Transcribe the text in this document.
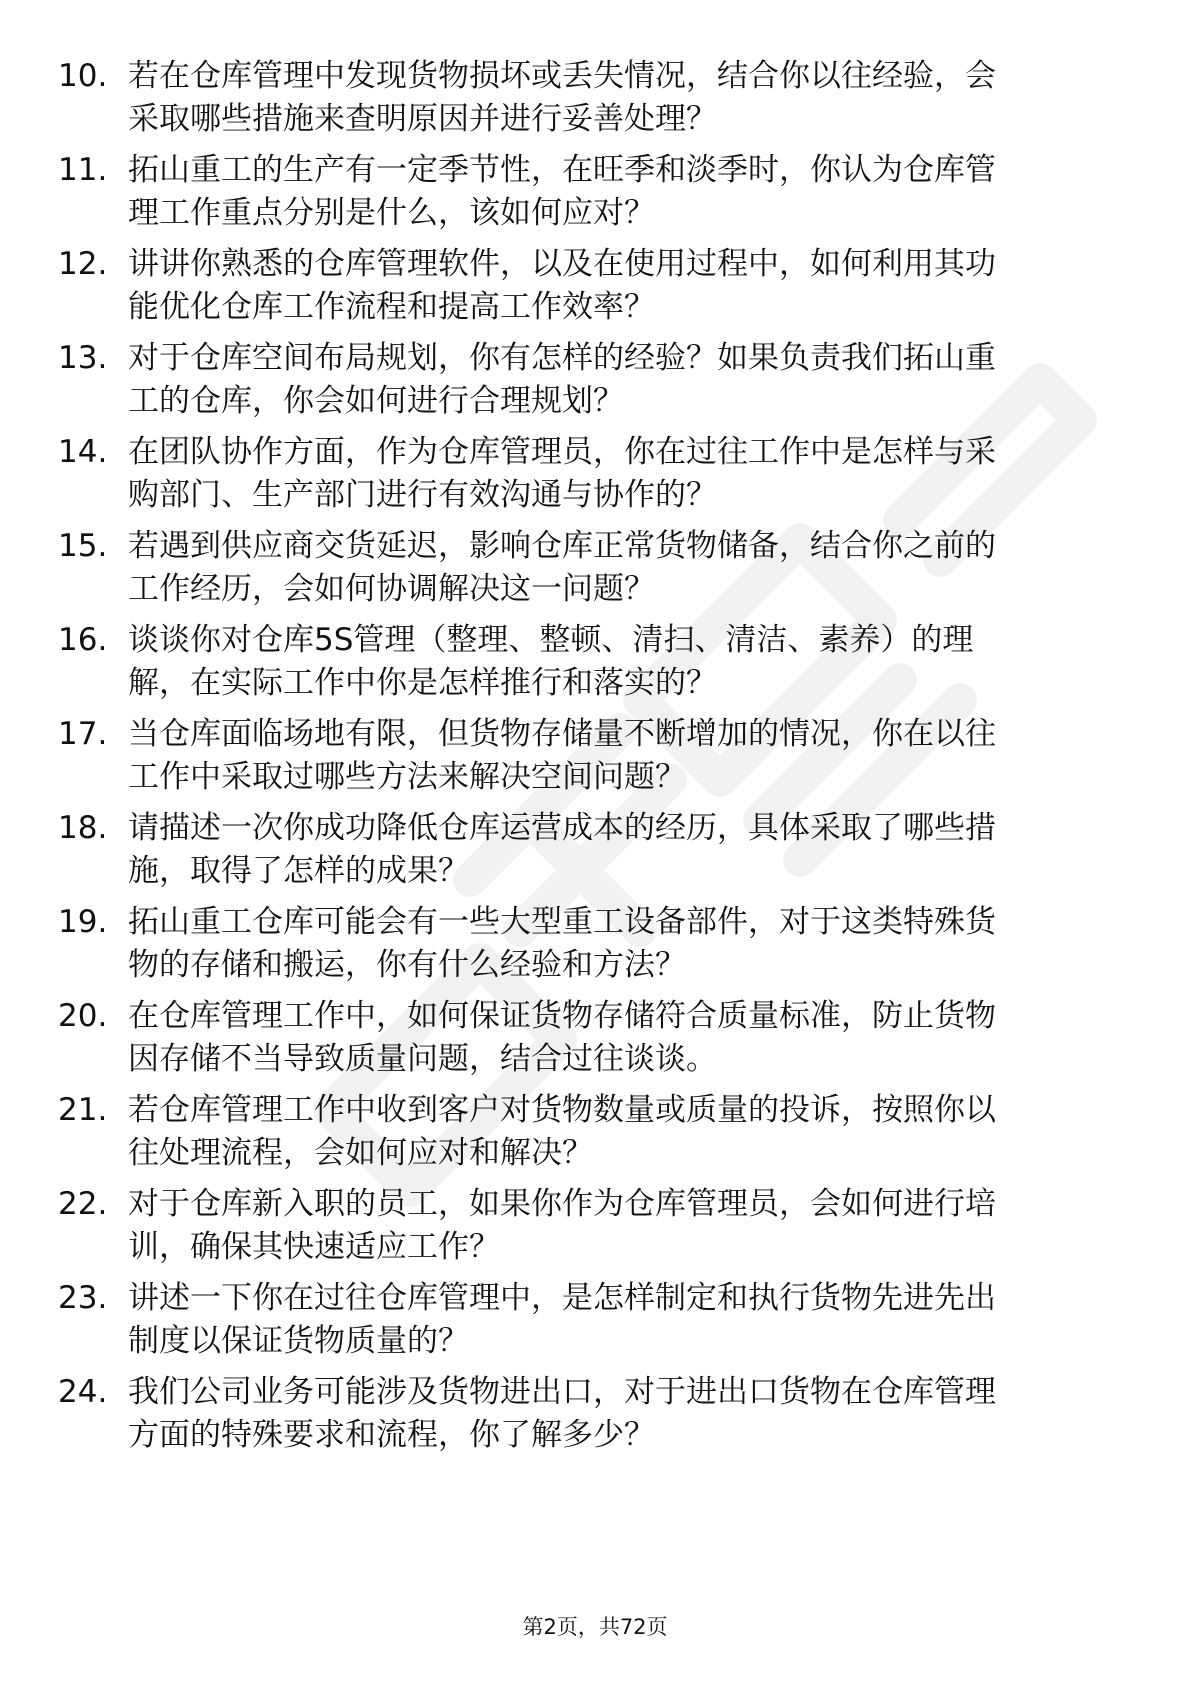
10. 若在仓库管理中发现货物损坏或丢失情况，结合你以往经验，会
采取哪些措施来查明原因并进行妥善处理？
11. 拓山重工的生产有一定季节性，在旺季和淡季时，你认为仓库管
理工作重点分别是什么，该如何应对？
12. 讲讲你熟悉的仓库管理软件，以及在使用过程中，如何利用其功
能优化仓库工作流程和提高工作效率？
13. 对于仓库空间布局规划，你有怎样的经验？如果负责我们拓山重
工的仓库，你会如何进行合理规划？
14. 在团队协作方面，作为仓库管理员，你在过往工作中是怎样与采
购部门、生产部门进行有效沟通与协作的？
15. 若遇到供应商交货延迟，影响仓库正常货物储备，结合你之前的
工作经历，会如何协调解决这一问题？
16. 谈谈你对仓库5S管理（整理、整顿、清扫、清洁、素养）的理
解，在实际工作中你是怎样推行和落实的？
17. 当仓库面临场地有限，但货物存储量不断增加的情况，你在以往
工作中采取过哪些方法来解决空间问题？
18. 请描述一次你成功降低仓库运营成本的经历，具体采取了哪些措
施，取得了怎样的成果？
19. 拓山重工仓库可能会有一些大型重工设备部件，对于这类特殊货
物的存储和搬运，你有什么经验和方法？
20. 在仓库管理工作中，如何保证货物存储符合质量标准，防止货物
因存储不当导致质量问题，结合过往谈谈。
21. 若仓库管理工作中收到客户对货物数量或质量的投诉，按照你以
往处理流程，会如何应对和解决？
22. 对于仓库新入职的员工，如果你作为仓库管理员，会如何进行培
训，确保其快速适应工作？
23. 讲述一下你在过往仓库管理中，是怎样制定和执行货物先进先出
制度以保证货物质量的？
24. 我们公司业务可能涉及货物进出口，对于进出口货物在仓库管理
方面的特殊要求和流程，你了解多少？
第2页，共72页
